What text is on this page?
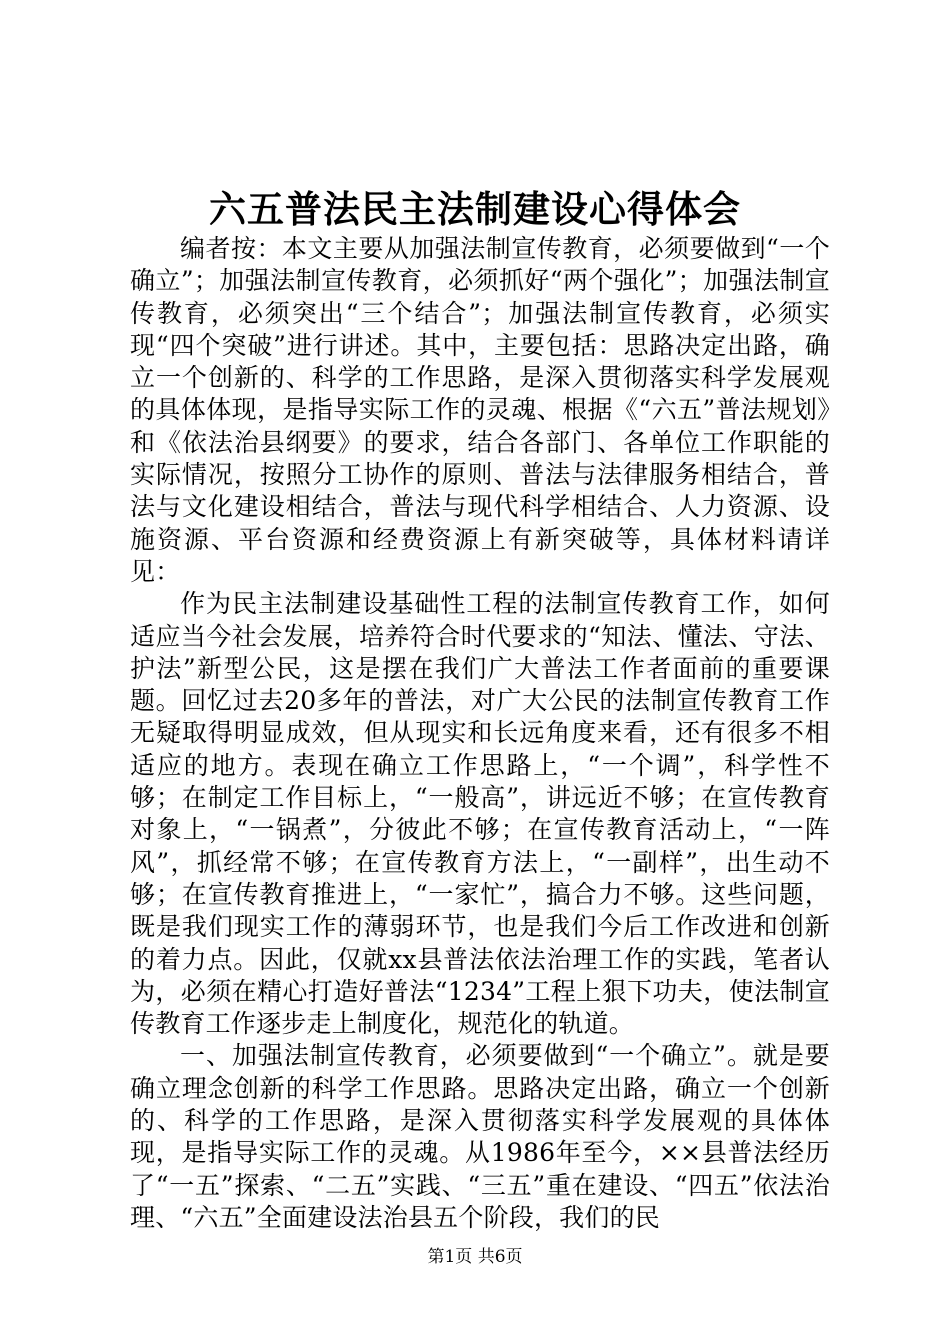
六五普法民主法制建设心得体会

编者按：本文主要从加强法制宣传教育，必须要做到“一个确立”；加强法制宣传教育，必须抓好“两个强化”；加强法制宣传教育，必须突出“三个结合”；加强法制宣传教育，必须实现“四个突破”进行讲述。其中，主要包括：思路决定出路，确立一个创新的、科学的工作思路，是深入贯彻落实科学发展观的具体体现，是指导实际工作的灵魂、根据《“六五”普法规划》和《依法治县纲要》的要求，结合各部门、各单位工作职能的实际情况，按照分工协作的原则、普法与法律服务相结合，普法与文化建设相结合，普法与现代科学相结合、人力资源、设施资源、平台资源和经费资源上有新突破等，具体材料请详见：

作为民主法制建设基础性工程的法制宣传教育工作，如何适应当今社会发展，培养符合时代要求的“知法、懂法、守法、护法”新型公民，这是摆在我们广大普法工作者面前的重要课题。回忆过去20多年的普法，对广大公民的法制宣传教育工作无疑取得明显成效，但从现实和长远角度来看，还有很多不相适应的地方。表现在确立工作思路上，“一个调”，科学性不够；在制定工作目标上，“一般高”，讲远近不够；在宣传教育对象上，“一锅煮”，分彼此不够；在宣传教育活动上，“一阵风”，抓经常不够；在宣传教育方法上，“一副样”，出生动不够；在宣传教育推进上，“一家忙”，搞合力不够。这些问题，既是我们现实工作的薄弱环节，也是我们今后工作改进和创新的着力点。因此，仅就xx县普法依法治理工作的实践，笔者认为，必须在精心打造好普法“1234”工程上狠下功夫，使法制宣传教育工作逐步走上制度化，规范化的轨道。

一、加强法制宣传教育，必须要做到“一个确立”。就是要确立理念创新的科学工作思路。思路决定出路，确立一个创新的、科学的工作思路，是深入贯彻落实科学发展观的具体体现，是指导实际工作的灵魂。从1986年至今，××县普法经历了“一五”探索、“二五”实践、“三五”重在建设、“四五”依法治理、“六五”全面建设法治县五个阶段，我们的民

第1页 共6页
